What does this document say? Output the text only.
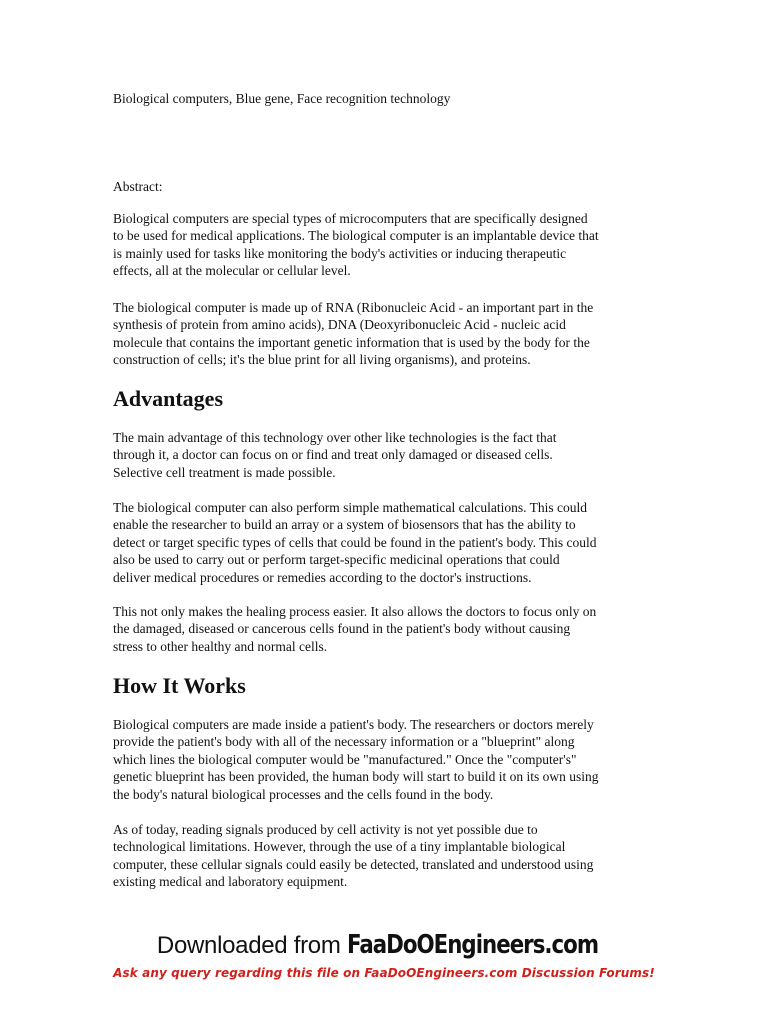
Biological computers, Blue gene, Face recognition technology
Abstract:

Biological computers are special types of microcomputers that are specifically designed
to be used for medical applications. The biological computer is an implantable device that
is mainly used for tasks like monitoring the body's activities or inducing therapeutic
effects, all at the molecular or cellular level.

The biological computer is made up of RNA (Ribonucleic Acid - an important part in the
synthesis of protein from amino acids), DNA (Deoxyribonucleic Acid - nucleic acid
molecule that contains the important genetic information that is used by the body for the
construction of cells; it's the blue print for all living organisms), and proteins.

Advantages

The main advantage of this technology over other like technologies is the fact that
through it, a doctor can focus on or find and treat only damaged or diseased cells.
Selective cell treatment is made possible.

The biological computer can also perform simple mathematical calculations. This could
enable the researcher to build an array or a system of biosensors that has the ability to
detect or target specific types of cells that could be found in the patient's body. This could
also be used to carry out or perform target-specific medicinal operations that could
deliver medical procedures or remedies according to the doctor's instructions.

This not only makes the healing process easier. It also allows the doctors to focus only on
the damaged, diseased or cancerous cells found in the patient's body without causing
stress to other healthy and normal cells.

How It Works

Biological computers are made inside a patient's body. The researchers or doctors merely
provide the patient's body with all of the necessary information or a "blueprint" along
which lines the biological computer would be "manufactured." Once the "computer's"
genetic blueprint has been provided, the human body will start to build it on its own using
the body's natural biological processes and the cells found in the body.

As of today, reading signals produced by cell activity is not yet possible due to
technological limitations. However, through the use of a tiny implantable biological
computer, these cellular signals could easily be detected, translated and understood using
existing medical and laboratory equipment.

Downloaded from FaaDoOEngineers.com
Ask any query regarding this file on FaaDoOEngineers.com Discussion Forums!
